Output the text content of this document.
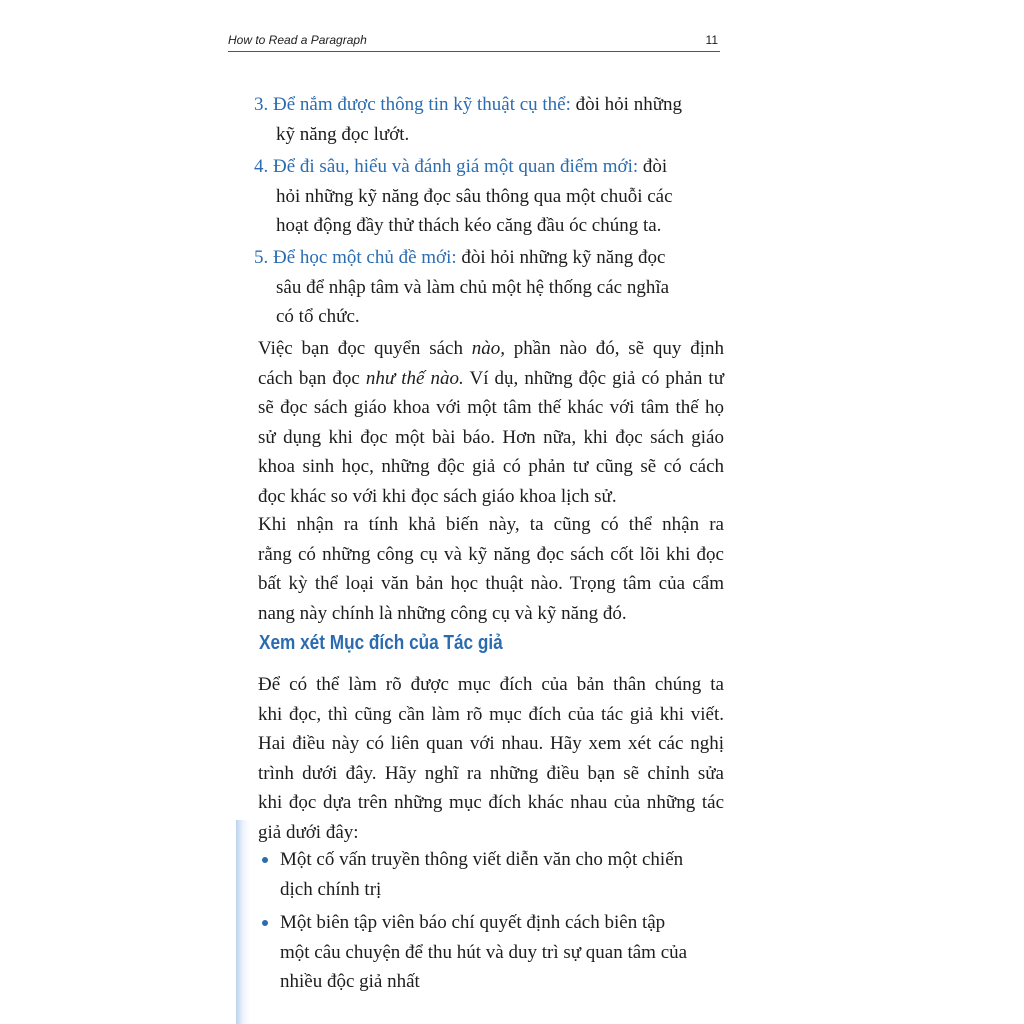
How to Read a Paragraph	11
3. Để nắm được thông tin kỹ thuật cụ thể: đòi hỏi những
kỹ năng đọc lướt.
4. Để đi sâu, hiểu và đánh giá một quan điểm mới: đòi
hỏi những kỹ năng đọc sâu thông qua một chuỗi các
hoạt động đầy thử thách kéo căng đầu óc chúng ta.
5. Để học một chủ đề mới: đòi hỏi những kỹ năng đọc
sâu để nhập tâm và làm chủ một hệ thống các nghĩa
có tổ chức.
Việc bạn đọc quyển sách nào, phần nào đó, sẽ quy định
cách bạn đọc như thế nào. Ví dụ, những độc giả có phản tư
sẽ đọc sách giáo khoa với một tâm thế khác với tâm thế họ
sử dụng khi đọc một bài báo. Hơn nữa, khi đọc sách giáo
khoa sinh học, những độc giả có phản tư cũng sẽ có cách
đọc khác so với khi đọc sách giáo khoa lịch sử.
Khi nhận ra tính khả biến này, ta cũng có thể nhận ra
rằng có những công cụ và kỹ năng đọc sách cốt lõi khi đọc
bất kỳ thể loại văn bản học thuật nào. Trọng tâm của cẩm
nang này chính là những công cụ và kỹ năng đó.
Xem xét Mục đích của Tác giả
Để có thể làm rõ được mục đích của bản thân chúng ta
khi đọc, thì cũng cần làm rõ mục đích của tác giả khi viết.
Hai điều này có liên quan với nhau. Hãy xem xét các nghị
trình dưới đây. Hãy nghĩ ra những điều bạn sẽ chỉnh sửa
khi đọc dựa trên những mục đích khác nhau của những tác
giả dưới đây:
Một cố vấn truyền thông viết diễn văn cho một chiến
dịch chính trị
Một biên tập viên báo chí quyết định cách biên tập
một câu chuyện để thu hút và duy trì sự quan tâm của
nhiều độc giả nhất
